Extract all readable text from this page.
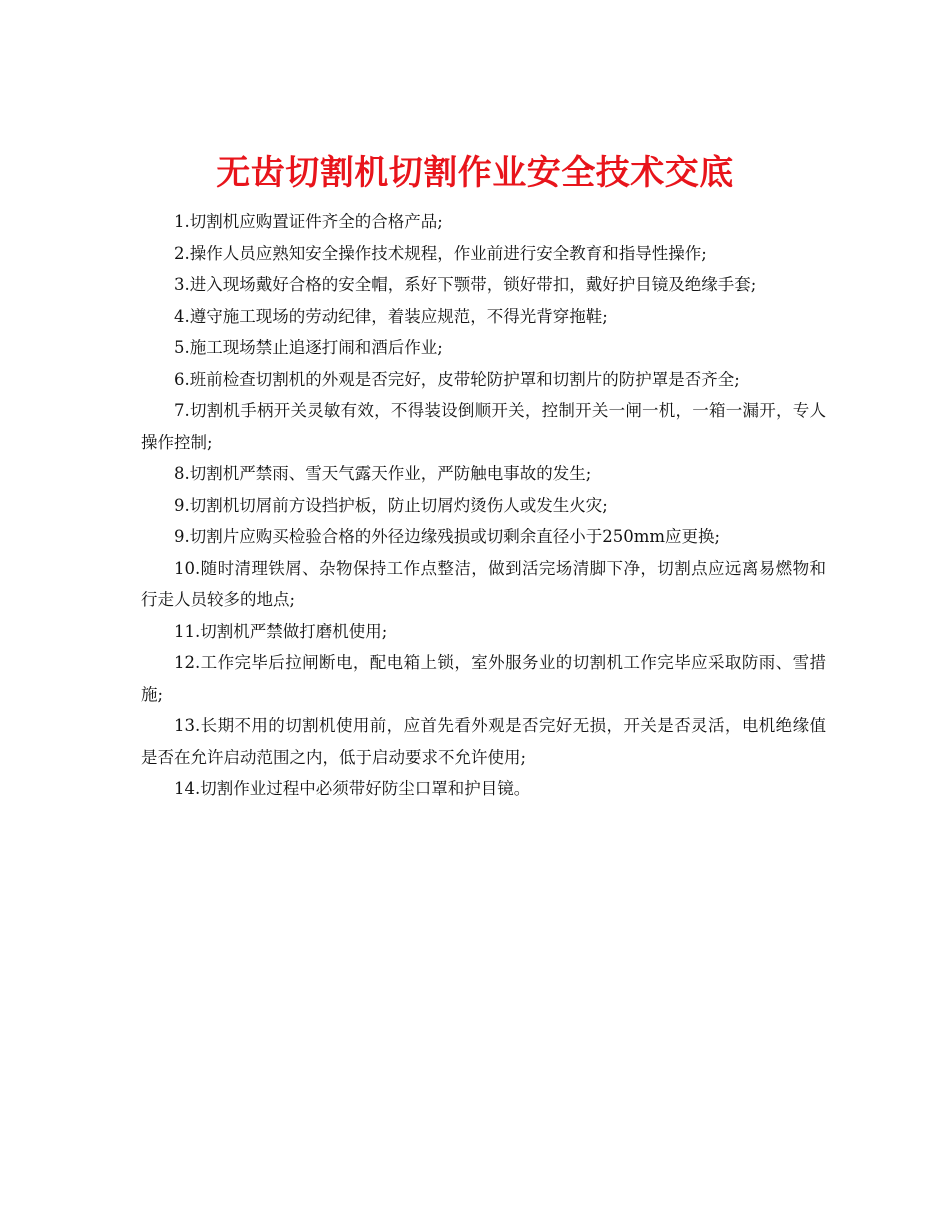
无齿切割机切割作业安全技术交底

1.切割机应购置证件齐全的合格产品;

2.操作人员应熟知安全操作技术规程，作业前进行安全教育和指导性操作;

3.进入现场戴好合格的安全帽，系好下颚带，锁好带扣，戴好护目镜及绝缘手套;

4.遵守施工现场的劳动纪律，着装应规范，不得光背穿拖鞋;

5.施工现场禁止追逐打闹和酒后作业;

6.班前检查切割机的外观是否完好，皮带轮防护罩和切割片的防护罩是否齐全;

7.切割机手柄开关灵敏有效，不得装设倒顺开关，控制开关一闸一机，一箱一漏开，专人操作控制;

8.切割机严禁雨、雪天气露天作业，严防触电事故的发生;

9.切割机切屑前方设挡护板，防止切屑灼烫伤人或发生火灾;

9.切割片应购买检验合格的外径边缘残损或切剩余直径小于250mm应更换;

10.随时清理铁屑、杂物保持工作点整洁，做到活完场清脚下净，切割点应远离易燃物和行走人员较多的地点;

11.切割机严禁做打磨机使用;

12.工作完毕后拉闸断电，配电箱上锁，室外服务业的切割机工作完毕应采取防雨、雪措施;

13.长期不用的切割机使用前，应首先看外观是否完好无损，开关是否灵活，电机绝缘值是否在允许启动范围之内，低于启动要求不允许使用;

14.切割作业过程中必须带好防尘口罩和护目镜。
